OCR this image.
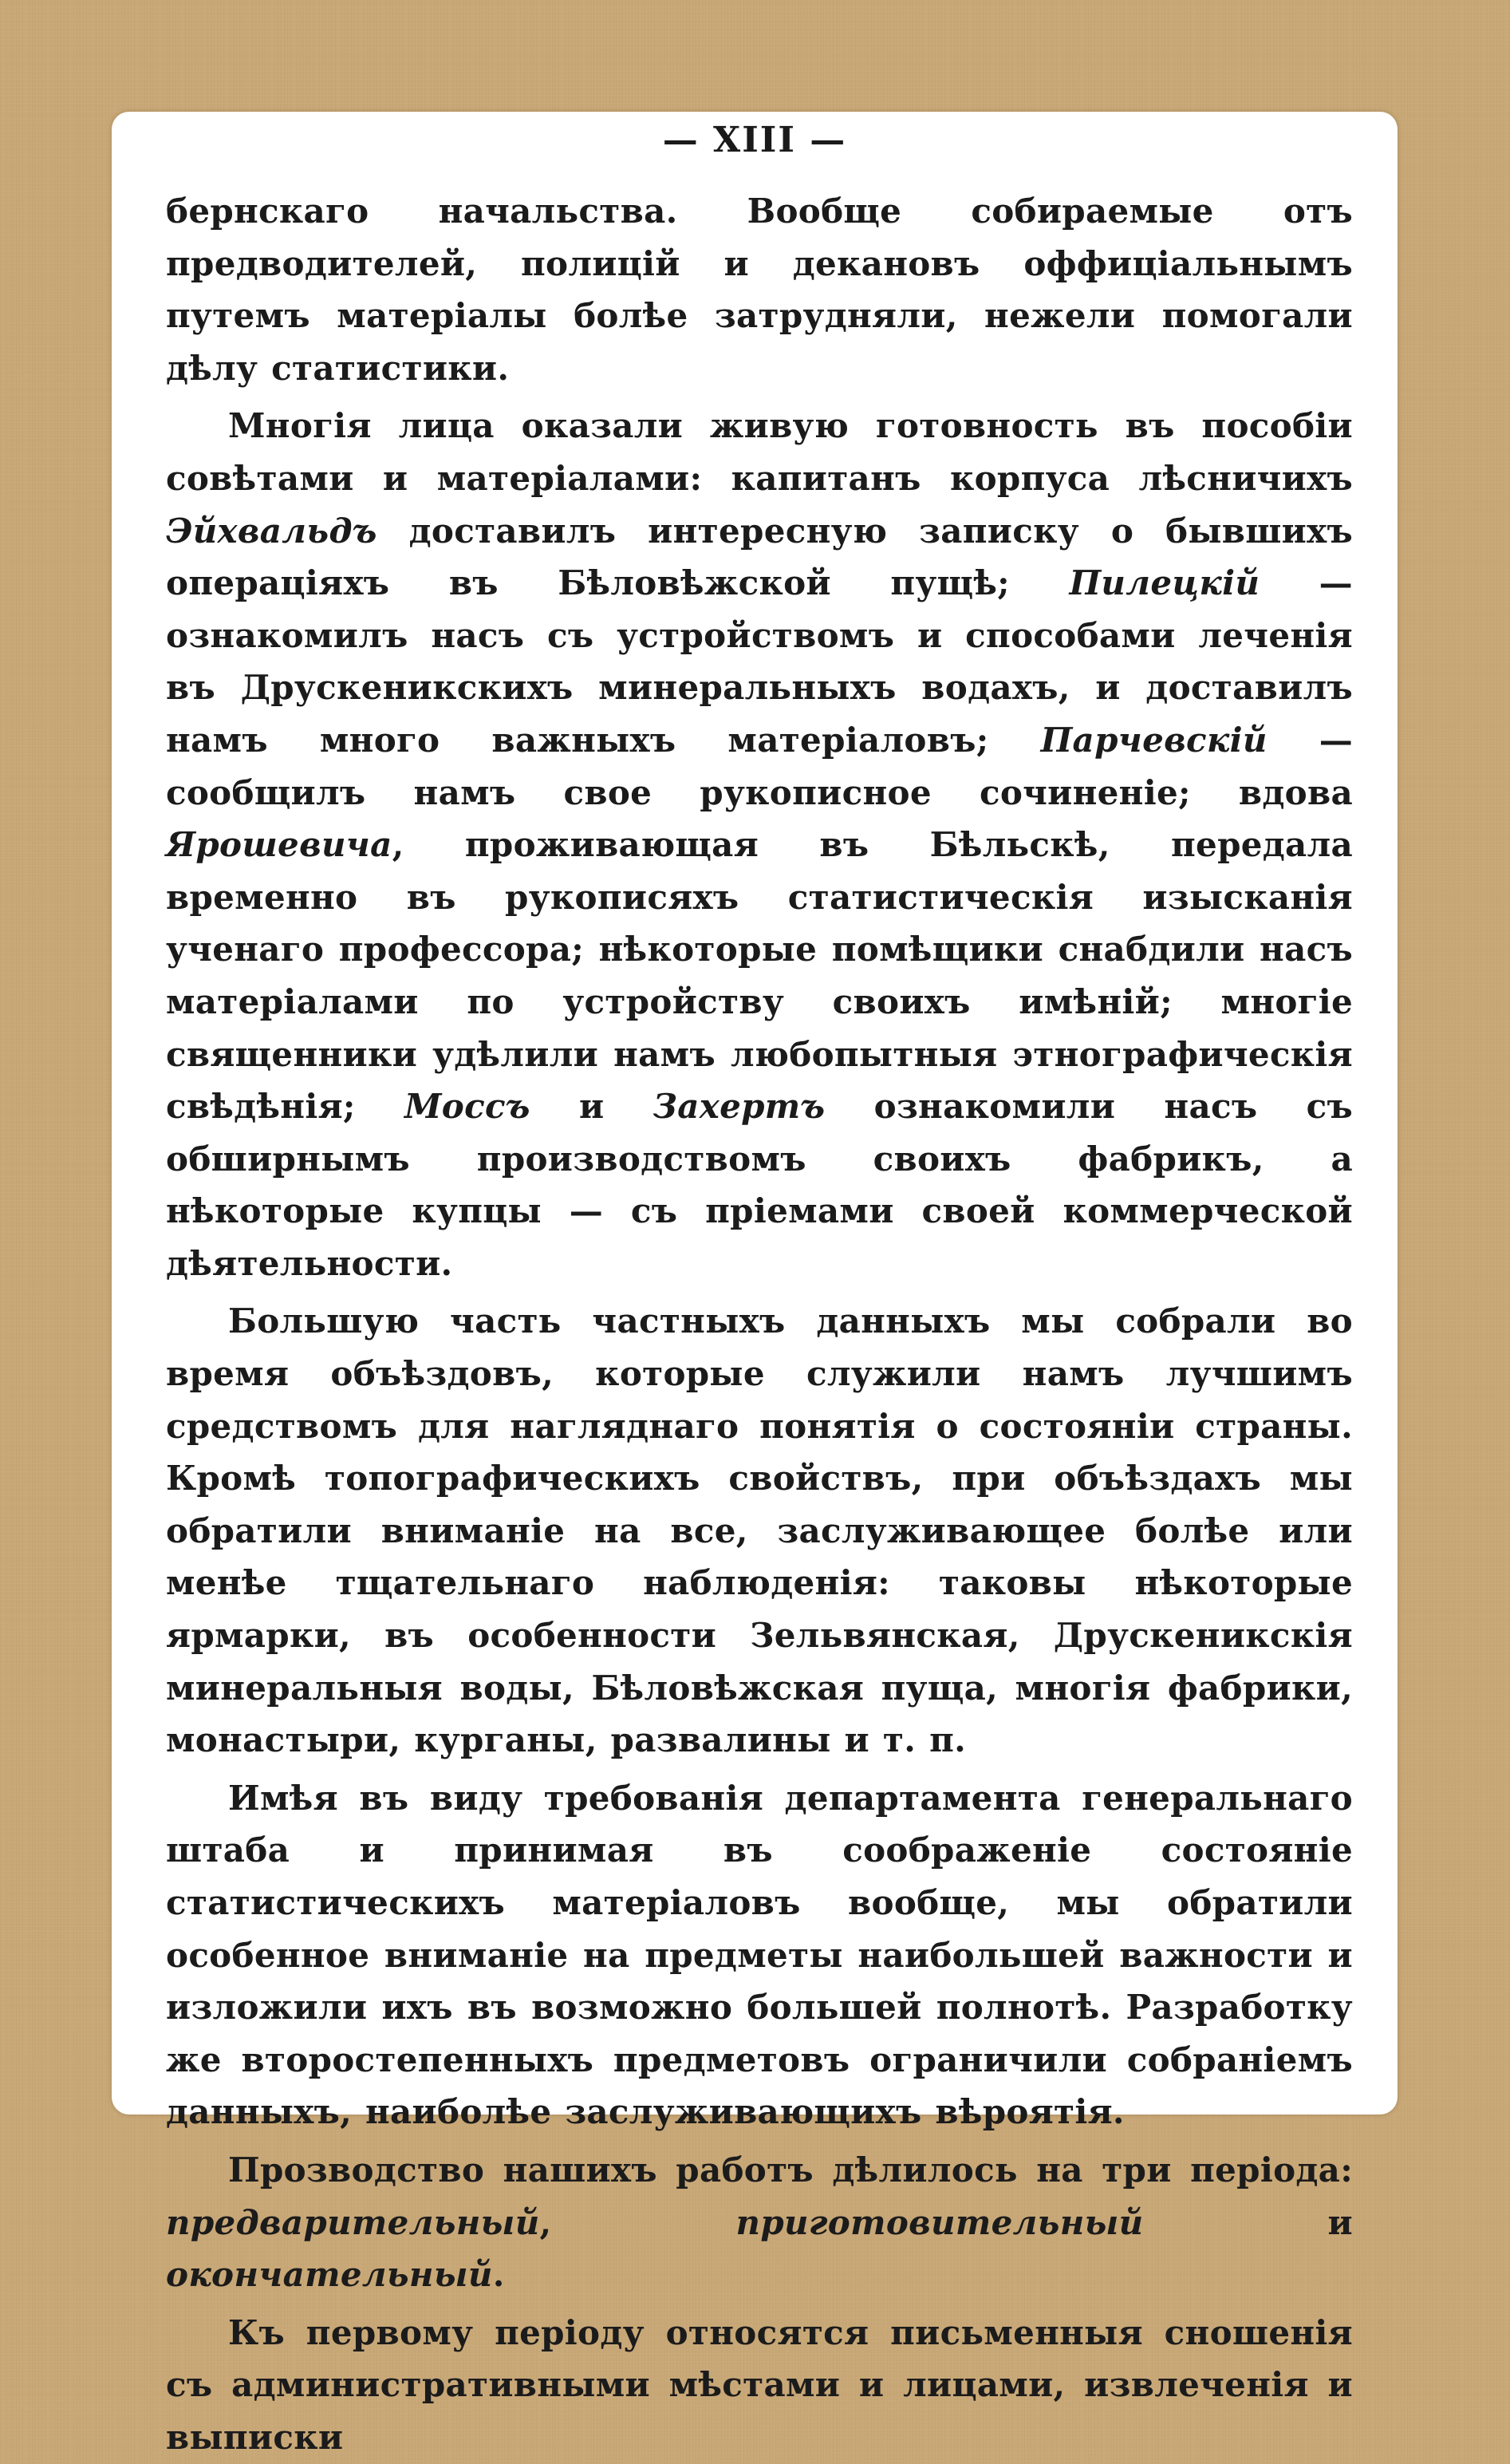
— XIII —

бернскаго начальства. Вообще собираемые отъ предводителей, полицій и декановъ оффиціальнымъ путемъ матеріалы болѣе затрудняли, нежели помогали дѣлу статистики.

Многія лица оказали живую готовность въ пособіи совѣтами и матеріалами: капитанъ корпуса лѣсничихъ Эйхвальдъ доставилъ интересную записку о бывшихъ операціяхъ въ Бѣловѣжской пущѣ; Пилецкій — ознакомилъ насъ съ устройствомъ и способами леченія въ Друскеникскихъ минеральныхъ водахъ, и доставилъ намъ много важныхъ матеріаловъ; Парчевскій — сообщилъ намъ свое рукописное сочиненіе; вдова Ярошевича, проживающая въ Бѣльскѣ, передала временно въ рукописяхъ статистическія изысканія ученаго профессора; нѣкоторые помѣщики снабдили насъ матеріалами по устройству своихъ имѣній; многіе священники удѣлили намъ любопытныя этнографическія свѣдѣнія; Моссъ и Захертъ ознакомили насъ съ обширнымъ производствомъ своихъ фабрикъ, а нѣкоторые купцы — съ пріемами своей коммерческой дѣятельности.

Большую часть частныхъ данныхъ мы собрали во время объѣздовъ, которые служили намъ лучшимъ средствомъ для нагляднаго понятія о состояніи страны. Кромѣ топографическихъ свойствъ, при объѣздахъ мы обратили вниманіе на все, заслуживающее болѣе или менѣе тщательнаго наблюденія: таковы нѣкоторые ярмарки, въ особенности Зельвянская, Друскеникскія минеральныя воды, Бѣловѣжская пуща, многія фабрики, монастыри, курганы, развалины и т. п.

Имѣя въ виду требованія департамента генеральнаго штаба и принимая въ соображеніе состояніе статистическихъ матеріаловъ вообще, мы обратили особенное вниманіе на предметы наибольшей важности и изложили ихъ въ возможно большей полнотѣ. Разработку же второстепенныхъ предметовъ ограничили собраніемъ данныхъ, наиболѣе заслуживающихъ вѣроятія.

Прозводство нашихъ работъ дѣлилось на три періода: предварительный, приготовительный и окончательный.

Къ первому періоду относятся письменныя сношенія съ административными мѣстами и лицами, извлеченія и выписки
